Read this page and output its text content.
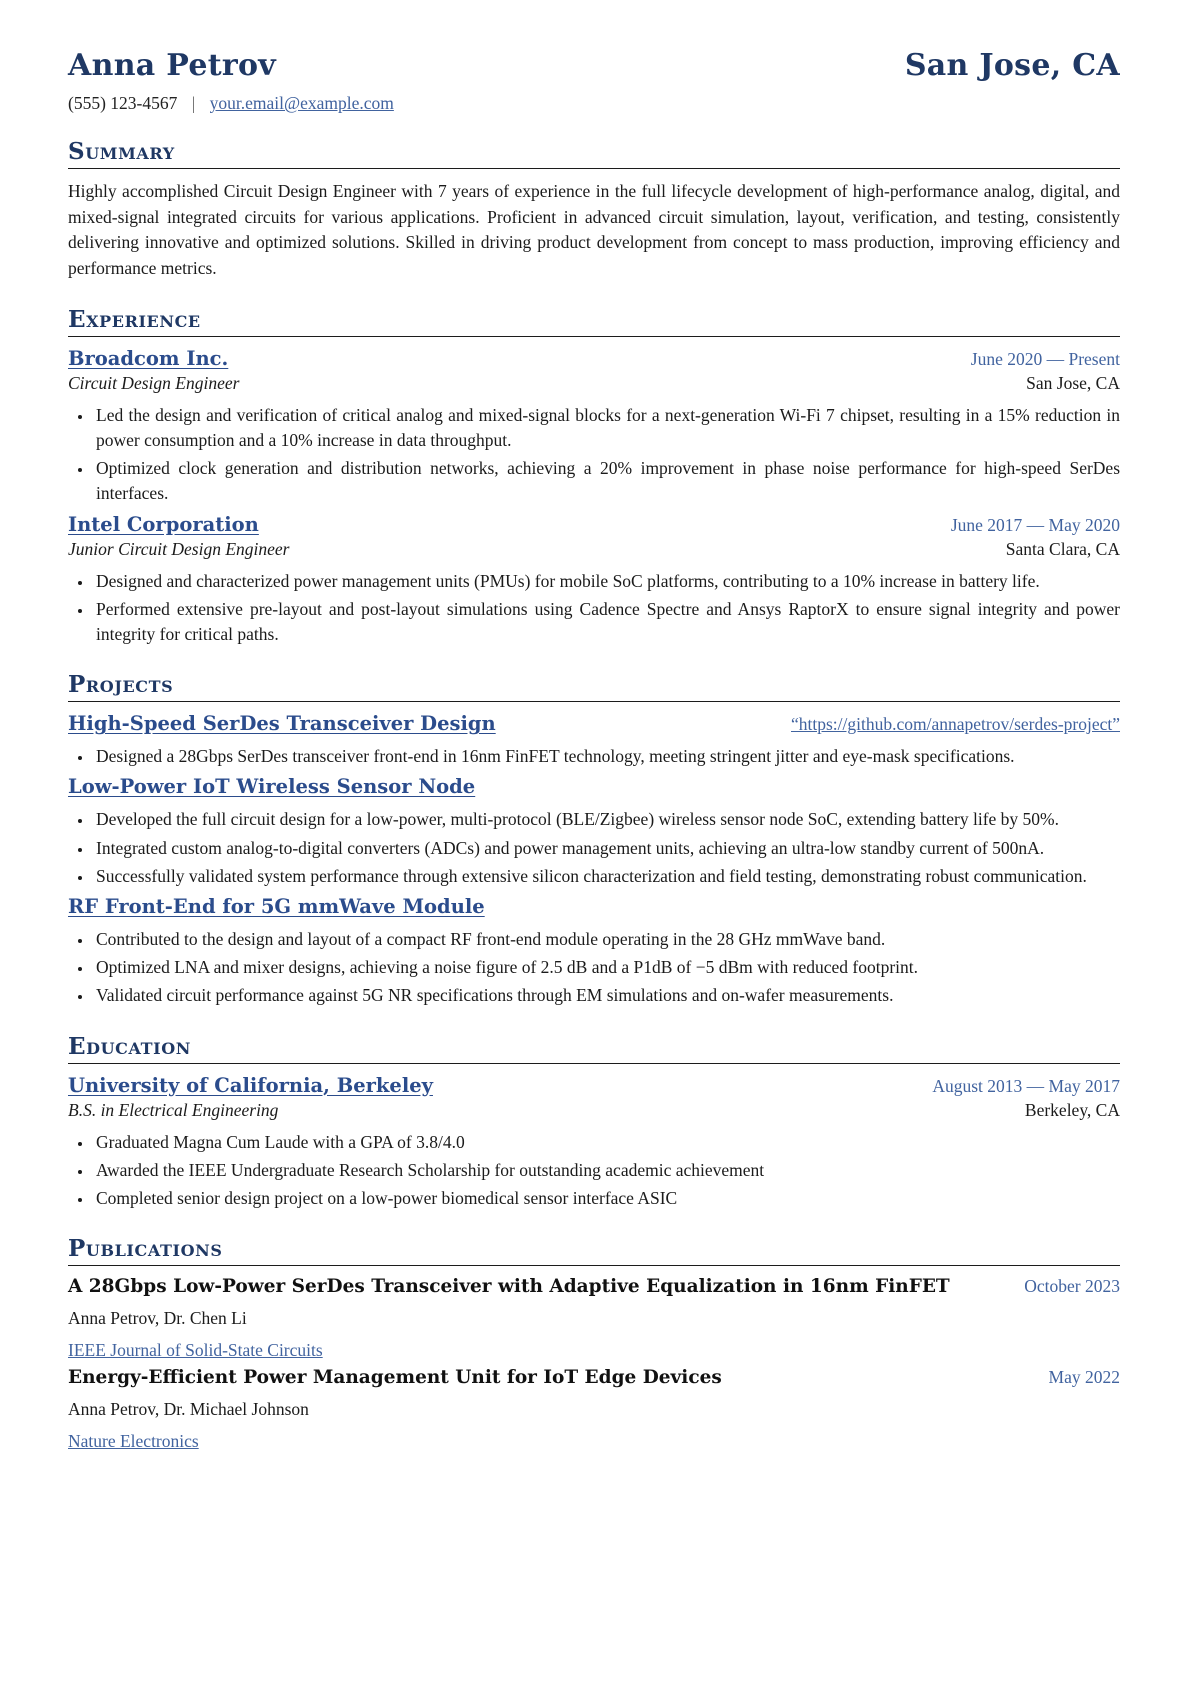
Anna Petrov	San Jose, CA
(555) 123-4567 | your.email@example.com
Summary

Highly accomplished Circuit Design Engineer with 7 years of experience in the full lifecycle development of high-performance analog, digital, and mixed-signal integrated circuits for various applications. Proficient in advanced circuit simulation, layout, verification, and testing, consistently delivering innovative and optimized solutions. Skilled in driving product development from concept to mass production, improving efficiency and performance metrics.

Experience
Broadcom Inc.	June 2020 — Present
Circuit Design Engineer	San Jose, CA
• Led the design and verification of critical analog and mixed-signal blocks for a next-generation Wi-Fi 7 chipset, resulting in a 15% reduction in power consumption and a 10% increase in data throughput.
• Optimized clock generation and distribution networks, achieving a 20% improvement in phase noise performance for high-speed SerDes interfaces.
Intel Corporation	June 2017 — May 2020
Junior Circuit Design Engineer	Santa Clara, CA
• Designed and characterized power management units (PMUs) for mobile SoC platforms, contributing to a 10% increase in battery life.
• Performed extensive pre-layout and post-layout simulations using Cadence Spectre and Ansys RaptorX to ensure signal integrity and power integrity for critical paths.
Projects
High-Speed SerDes Transceiver Design	“https://github.com/annapetrov/serdes-project”
• Designed a 28Gbps SerDes transceiver front-end in 16nm FinFET technology, meeting stringent jitter and eye-mask specifications.
Low-Power IoT Wireless Sensor Node
• Developed the full circuit design for a low-power, multi-protocol (BLE/Zigbee) wireless sensor node SoC, extending battery life by 50%.
• Integrated custom analog-to-digital converters (ADCs) and power management units, achieving an ultra-low standby current of 500nA.
• Successfully validated system performance through extensive silicon characterization and field testing, demonstrating robust communication.
RF Front-End for 5G mmWave Module
• Contributed to the design and layout of a compact RF front-end module operating in the 28 GHz mmWave band.
• Optimized LNA and mixer designs, achieving a noise figure of 2.5 dB and a P1dB of −5 dBm with reduced footprint.
• Validated circuit performance against 5G NR specifications through EM simulations and on-wafer measurements.
Education
University of California, Berkeley	August 2013 — May 2017
B.S. in Electrical Engineering	Berkeley, CA
• Graduated Magna Cum Laude with a GPA of 3.8/4.0
• Awarded the IEEE Undergraduate Research Scholarship for outstanding academic achievement
• Completed senior design project on a low-power biomedical sensor interface ASIC
Publications
A 28Gbps Low-Power SerDes Transceiver with Adaptive Equalization in 16nm FinFET	October 2023
Anna Petrov, Dr. Chen Li
IEEE Journal of Solid-State Circuits
Energy-Efficient Power Management Unit for IoT Edge Devices	May 2022
Anna Petrov, Dr. Michael Johnson
Nature Electronics
